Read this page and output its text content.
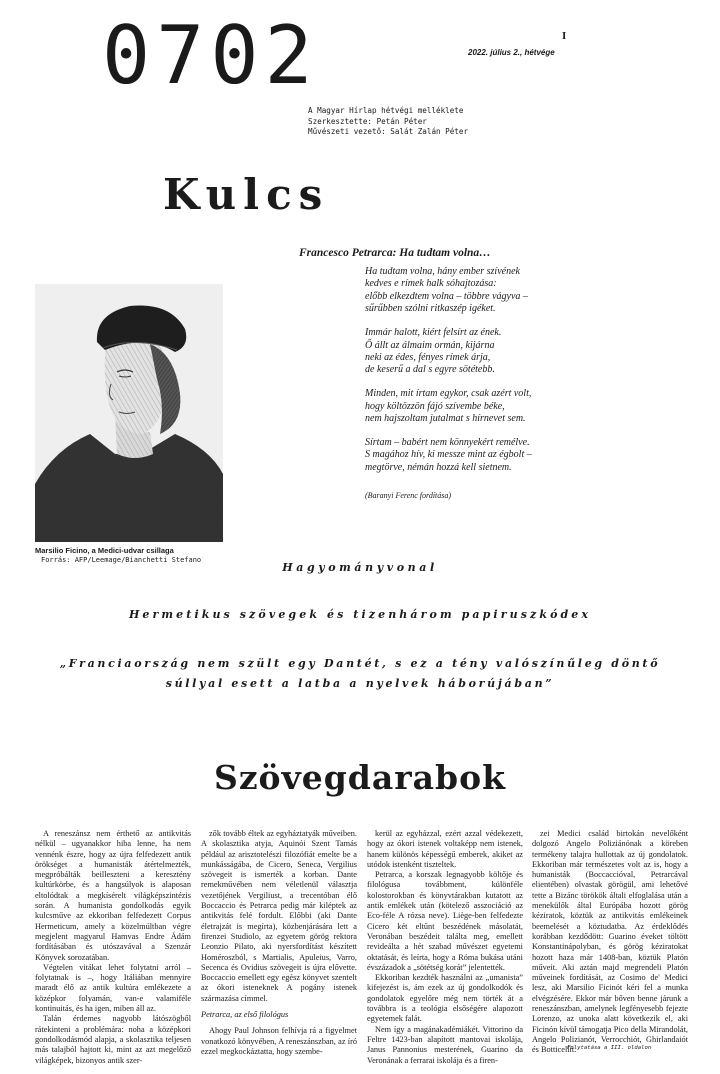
0702	I
2022. július 2., hétvége
A Magyar Hírlap hétvégi melléklete
Szerkesztette: Petán Péter
Művészeti vezető: Salát Zalán Péter
Kulcs
Francesco Petrarca: Ha tudtam volna…
Ha tudtam volna, hány ember szívének
kedves e rímek halk sóhajtozása:
előbb elkezdtem volna – többre vágyva –
sűrűbben szólni ritkaszép igéket.
Immár halott, kiért felsírt az ének.
Ő állt az álmaim ormán, kijárna
neki az édes, fényes rímek árja,
de keserű a dal s egyre sötétebb.
Minden, mit írtam egykor, csak azért volt,
hogy költözzön fájó szívembe béke,
nem hajszoltam jutalmat s hírnevet sem.
Sírtam – babért nem könnyekért remélve.
S magához hív, ki messze mint az égbolt –
megtörve, némán hozzá kell sietnem.
(Baranyi Ferenc fordítása)
Marsilio Ficino, a Medici-udvar csillaga
Forrás: AFP/Leemage/Bianchetti Stefano
Hagyományvonal
Hermetikus szövegek és tizenhárom papiruszkódex
„Franciaország nem szült egy Dantét, s ez a tény valószínűleg döntő súllyal esett a latba a nyelvek háborújában”
Szövegdarabok

A reneszánsz nem érthető az antikvitás nélkül – ugyanakkor hiba lenne, ha nem vennénk észre, hogy az újra felfedezett antik örökséget a humanisták átértelmezték, megpróbálták beilleszteni a keresztény kultúrkörbe, és a hangsúlyok is alaposan eltolódtak a megkísérelt világképszintézis során. A humanista gondolkodás egyik kulcsműve az ekkoriban felfedezett Corpus Hermeticum, amely a közelmúltban végre megjelent magyarul Hamvas Endre Ádám fordításában és utószavával a Szenzár Könyvek sorozatában.

Végtelen vitákat lehet folytatni arról – folytatnak is –, hogy Itáliában mennyire maradt élő az antik kultúra emlékezete a középkor folyamán, van-e valamiféle kontinuitás, és ha igen, miben áll az.

Talán érdemes nagyobb látószögből rátekinteni a problémára: noha a középkori gondolkodásmód alapja, a skolasztika teljesen más talajból hajtott ki, mint az azt megelőző világképek, bizonyos antik szer-

zők tovább éltek az egyháztatyák műveiben. A skolasztika atyja, Aquinói Szent Tamás például az arisztotelészi filozófiát emelte be a munkásságába, de Cicero, Seneca, Vergilius szövegeit is ismerték a korban. Dante remekművében nem véletlenül választja vezetőjének Vergiliust, a trecentóban élő Boccaccio és Petrarca pedig már kiléptek az antikvitás felé fordult. Előbbi (aki Dante életrajzát is megírta), közbenjárására lett a firenzei Studiolo, az egyetem görög rektora Leonzio Pilato, aki nyersfordítást készített Homéroszból, s Martialis, Apuleius, Varro, Secenca és Ovidius szövegeit is újra elővette. Boccaccio emellett egy egész könyvet szentelt az ókori isteneknek A pogány istenek származása címmel.

Petrarca, az első filológus

Ahogy Paul Johnson felhívja rá a figyelmet vonatkozó könyvében, A reneszánszban, az író ezzel megkockáztatta, hogy szembe-

kerül az egyházzal, ezért azzal védekezett, hogy az ókori istenek voltaképp nem istenek, hanem különös képességű emberek, akiket az utódok istenként tiszteltek.

Petrarca, a korszak legnagyobb költője és filológusa továbbment, különféle kolostorokban és könyvtárakban kutatott az antik emlékek után (kötelező asszociáció az Eco-féle A rózsa neve). Liège-ben felfedezte Cicero két eltűnt beszédének másolatát, Veronában beszédeit találta meg, emellett revideálta a hét szabad művészet egyetemi oktatását, és leírta, hogy a Róma bukása utáni évszázadok a „sötétség korát” jelentették.

Ekkoriban kezdték használni az „umanista” kifejezést is, ám ezek az új gondolkodók és gondolatok egyelőre még nem törték át a továbbra is a teológia elsőségére alapozott egyetemek falát.

Nem így a magánakadémiákét. Vittorino da Feltre 1423-ban alapított mantovai iskolája, Janus Pannonius mesterének, Guarino da Veronának a ferrarai iskolája és a firen-

zei Medici család birtokán nevelőként dolgozó Angelo Poliziánónak a köreben termékeny talajra hullottak az új gondolatok. Ekkoriban már természetes volt az is, hogy a humanisták (Boccaccióval, Petrarcával elientében) olvastak görögül, ami lehetővé tette a Bizánc törökök általi elfoglalása után a menekülők által Európába hozott görög kéziratok, köztük az antikvitás emlékeinek beemelését a köztudatba. Az érdeklődés korábban kezdődött: Guarino éveket töltött Konstantinápolyban, és görög kéziratokat hozott haza már 1408-ban, köztük Platón műveit. Aki aztán majd megrendeli Platón műveinek fordítását, az Cosimo de' Medici lesz, aki Marsilio Ficinót kéri fel a munka elvégzésére. Ekkor már bőven benne járunk a reneszánszban, amelynek legfényesebb fejezte Lorenzo, az unoka alatt következik el, aki Ficinón kívül támogatja Pico della Mirandolát, Angelo Polizianót, Verrocchiót, Ghirlandaiót és Botticellit.

Folytatása a III. oldalon
